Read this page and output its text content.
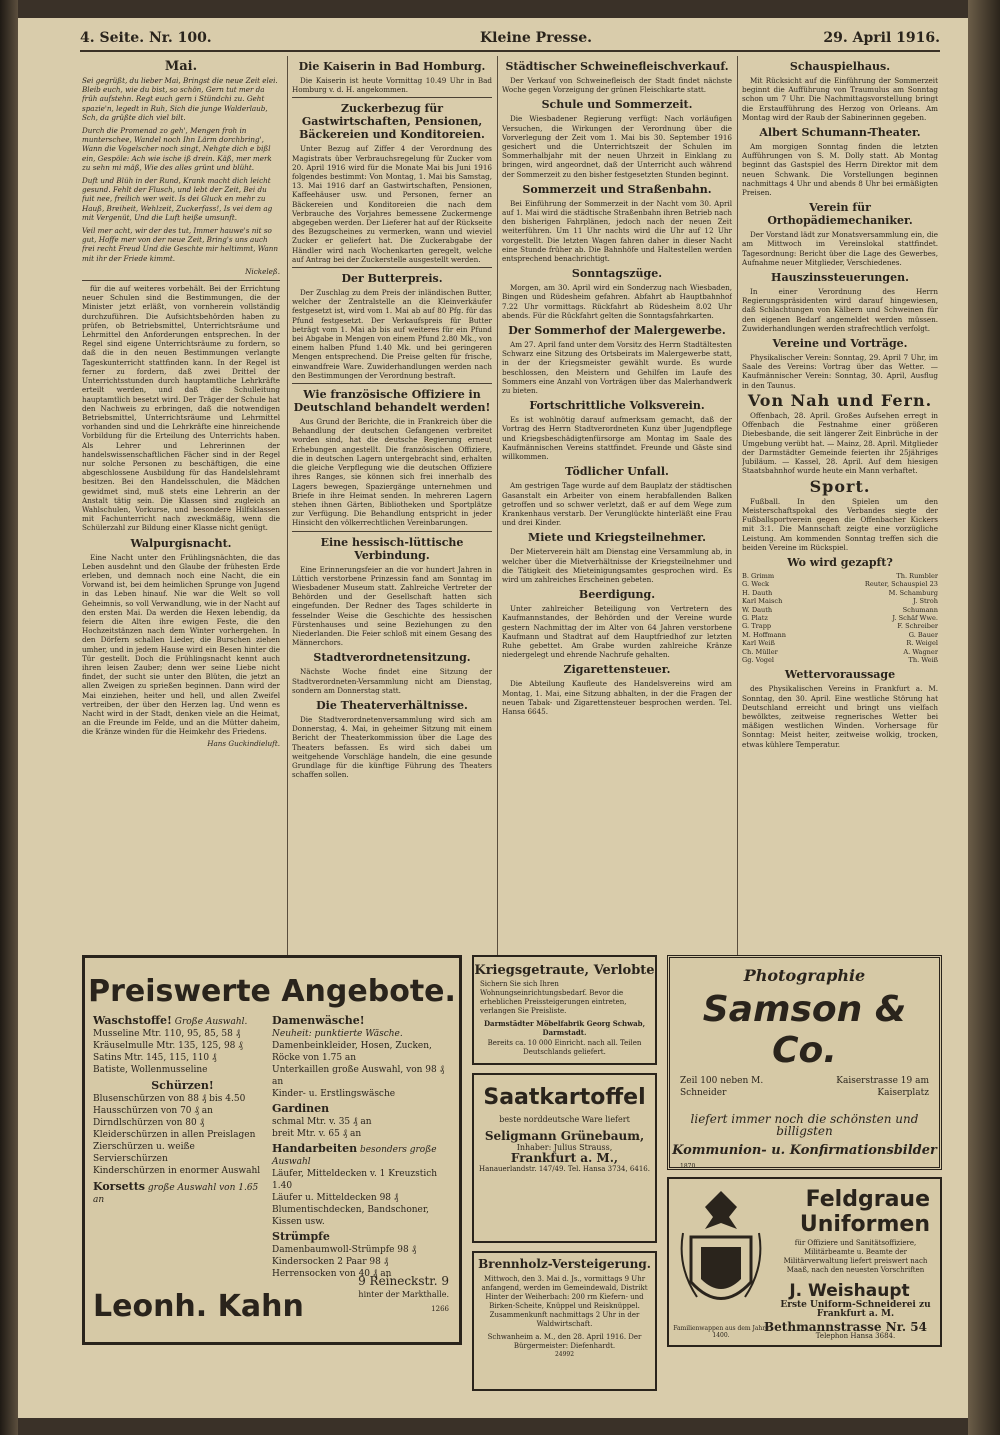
4. Seite. Nr. 100.	Kleine Presse.	29. April 1916.
Mai.

Sei gegrüßt, du lieber Mai, Bringst die neue Zeit elei. Bleib euch, wie du bist, so schön, Gern tut mer da früh aufstehn. Regt euch gern i Stündchi zu. Geht spazie'n, legedt in Ruh, Sich die junge Walderlaub, Sch, da grüßte dich viel bilt.

Durch die Promenad zo geh', Mengen froh in munterschee, Wandel noch Ihn Lärm dorchbring', Wann die Vogelscher noch singt, Nehgte dich e bißl ein, Gespöle: Ach wie ische iß drein. Käß, mer merk zu sehn mi mäß, Wie des alles grünt und blüht.

Duft und Blüh in der Rund, Krank macht dich leicht gesund. Fehlt der Flusch, und lebt der Zeit, Bei du fuit nee, freilich wer weit. Is dei Gluck en mehr zu Hauß, Breiheit, Wehlzeit, Zuckerfass!, Is vei dem ag mit Vergenüt, Und die Luft heiße umsunft.

Veil mer acht, wir der des tut, Immer hauwe's nit so gut, Hoffe mer von der neue Zeit, Bring's uns auch frei recht Freud Und die Geschte mir heltimmt, Wann mit ihr der Friede kimmt.

Nickeleß.

für die auf weiteres vorbehält. Bei der Errichtung neuer Schulen sind die Bestimmungen, die der Minister jetzt erläßt, von vornherein vollständig durchzuführen. Die Aufsichtsbehörden haben zu prüfen, ob Betriebsmittel, Unterrichtsräume und Lehrmittel den Anforderungen entsprechen. In der Regel sind eigene Unterrichtsräume zu fordern, so daß die in den neuen Bestimmungen verlangte Tageskunterricht stattfinden kann. In der Regel ist ferner zu fordern, daß zwei Drittel der Unterrichtsstunden durch hauptamtliche Lehrkräfte erteilt werden, und daß die Schulleitung hauptamtlich besetzt wird. Der Träger der Schule hat den Nachweis zu erbringen, daß die notwendigen Betriebsmittel, Unterrichtsräume und Lehrmittel vorhanden sind und die Lehrkräfte eine hinreichende Vorbildung für die Erteilung des Unterrichts haben. Als Lehrer und Lehrerinnen der handelswissenschaftlichen Fächer sind in der Regel nur solche Personen zu beschäftigen, die eine abgeschlossene Ausbildung für das Handelslehramt besitzen. Bei den Handelsschulen, die Mädchen gewidmet sind, muß stets eine Lehrerin an der Anstalt tätig sein. Die Klassen sind zugleich an Wahlschulen, Vorkurse, und besondere Hilfsklassen mit Fachunterricht nach zweckmäßig, wenn die Schülerzahl zur Bildung einer Klasse nicht genügt.

Walpurgisnacht.

Eine Nacht unter den Frühlingsnächten, die das Leben ausdehnt und den Glaube der frühesten Erde erleben, und demnach noch eine Nacht, die ein Vorwand ist, bei dem heimlichen Sprunge von Jugend in das Leben hinauf. Nie war die Welt so voll Geheimnis, so voll Verwandlung, wie in der Nacht auf den ersten Mai. Da werden die Hexen lebendig, da feiern die Alten ihre ewigen Feste, die den Hochzeitstänzen nach dem Winter vorhergehen. In den Dörfern schallen Lieder, die Burschen ziehen umher, und in jedem Hause wird ein Besen hinter die Tür gestellt. Doch die Frühlingsnacht kennt auch ihren leisen Zauber; denn wer seine Liebe nicht findet, der sucht sie unter den Blüten, die jetzt an allen Zweigen zu sprießen beginnen. Dann wird der Mai einziehen, heiter und hell, und allen Zweifel vertreiben, der über den Herzen lag. Und wenn es Nacht wird in der Stadt, denken viele an die Heimat, an die Freunde im Felde, und an die Mütter daheim, die Kränze winden für die Heimkehr des Friedens.

Hans Guckindieluft.
Die Kaiserin in Bad Homburg.

Die Kaiserin ist heute Vormittag 10.49 Uhr in Bad Homburg v. d. H. angekommen.

Zuckerbezug für Gastwirtschaften, Pensionen, Bäckereien und Konditoreien.

Unter Bezug auf Ziffer 4 der Verordnung des Magistrats über Verbrauchsregelung für Zucker vom 20. April 1916 wird für die Monate Mai bis Juni 1916 folgendes bestimmt: Von Montag, 1. Mai bis Samstag, 13. Mai 1916 darf an Gastwirtschaften, Pensionen, Kaffeehäuser usw. und Personen, ferner an Bäckereien und Konditoreien die nach dem Verbrauche des Vorjahres bemessene Zuckermenge abgegeben werden. Der Lieferer hat auf der Rückseite des Bezugscheines zu vermerken, wann und wieviel Zucker er geliefert hat. Die Zuckerabgabe der Händler wird nach Wochenkarten geregelt, welche auf Antrag bei der Zuckerstelle ausgestellt werden.

Der Butterpreis.

Der Zuschlag zu dem Preis der inländischen Butter, welcher der Zentralstelle an die Kleinverkäufer festgesetzt ist, wird vom 1. Mai ab auf 80 Pfg. für das Pfund festgesetzt. Der Verkaufspreis für Butter beträgt vom 1. Mai ab bis auf weiteres für ein Pfund bei Abgabe in Mengen von einem Pfund 2.80 Mk., von einem halben Pfund 1.40 Mk. und bei geringeren Mengen entsprechend. Die Preise gelten für frische, einwandfreie Ware. Zuwiderhandlungen werden nach den Bestimmungen der Verordnung bestraft.

Wie französische Offiziere in Deutschland behandelt werden!

Aus Grund der Berichte, die in Frankreich über die Behandlung der deutschen Gefangenen verbreitet worden sind, hat die deutsche Regierung erneut Erhebungen angestellt. Die französischen Offiziere, die in deutschen Lagern untergebracht sind, erhalten die gleiche Verpflegung wie die deutschen Offiziere ihres Ranges, sie können sich frei innerhalb des Lagers bewegen, Spaziergänge unternehmen und Briefe in ihre Heimat senden. In mehreren Lagern stehen ihnen Gärten, Bibliotheken und Sportplätze zur Verfügung. Die Behandlung entspricht in jeder Hinsicht den völkerrechtlichen Vereinbarungen.

Eine hessisch-lüttische Verbindung.

Eine Erinnerungsfeier an die vor hundert Jahren in Lüttich verstorbene Prinzessin fand am Sonntag im Wiesbadener Museum statt. Zahlreiche Vertreter der Behörden und der Gesellschaft hatten sich eingefunden. Der Redner des Tages schilderte in fesselnder Weise die Geschichte des hessischen Fürstenhauses und seine Beziehungen zu den Niederlanden. Die Feier schloß mit einem Gesang des Männerchors.

Stadtverordnetensitzung.

Nächste Woche findet eine Sitzung der Stadtverordneten-Versammlung nicht am Dienstag, sondern am Donnerstag statt.

Die Theaterverhältnisse.

Die Stadtverordnetenversammlung wird sich am Donnerstag, 4. Mai, in geheimer Sitzung mit einem Bericht der Theaterkommission über die Lage des Theaters befassen. Es wird sich dabei um weitgehende Vorschläge handeln, die eine gesunde Grundlage für die künftige Führung des Theaters schaffen sollen.

Städtischer Schweinefleischverkauf.

Der Verkauf von Schweinefleisch der Stadt findet nächste Woche gegen Vorzeigung der grünen Fleischkarte statt.

Schule und Sommerzeit.

Die Wiesbadener Regierung verfügt: Nach vorläufigen Versuchen, die Wirkungen der Verordnung über die Vorverlegung der Zeit vom 1. Mai bis 30. September 1916 gesichert und die Unterrichtszeit der Schulen im Sommerhalbjahr mit der neuen Uhrzeit in Einklang zu bringen, wird angeordnet, daß der Unterricht auch während der Sommerzeit zu den bisher festgesetzten Stunden beginnt.

Sommerzeit und Straßenbahn.

Bei Einführung der Sommerzeit in der Nacht vom 30. April auf 1. Mai wird die städtische Straßenbahn ihren Betrieb nach den bisherigen Fahrplänen, jedoch nach der neuen Zeit weiterführen. Um 11 Uhr nachts wird die Uhr auf 12 Uhr vorgestellt. Die letzten Wagen fahren daher in dieser Nacht eine Stunde früher ab. Die Bahnhöfe und Haltestellen werden entsprechend benachrichtigt.

Sonntagszüge.

Morgen, am 30. April wird ein Sonderzug nach Wiesbaden, Bingen und Rüdesheim gefahren. Abfahrt ab Hauptbahnhof 7.22 Uhr vormittags. Rückfahrt ab Rüdesheim 8.02 Uhr abends. Für die Rückfahrt gelten die Sonntagsfahrkarten.

Der Sommerhof der Malergewerbe.

Am 27. April fand unter dem Vorsitz des Herrn Stadtältesten Schwarz eine Sitzung des Ortsbeirats im Malergewerbe statt, in der der Kriegsmeister gewählt wurde. Es wurde beschlossen, den Meistern und Gehilfen im Laufe des Sommers eine Anzahl von Vorträgen über das Malerhandwerk zu bieten.

Fortschrittliche Volksverein.

Es ist wohlnötig darauf aufmerksam gemacht, daß der Vortrag des Herrn Stadtverordneten Kunz über Jugendpflege und Kriegsbeschädigtenfürsorge am Montag im Saale des Kaufmännischen Vereins stattfindet. Freunde und Gäste sind willkommen.

Tödlicher Unfall.

Am gestrigen Tage wurde auf dem Bauplatz der städtischen Gasanstalt ein Arbeiter von einem herabfallenden Balken getroffen und so schwer verletzt, daß er auf dem Wege zum Krankenhaus verstarb. Der Verunglückte hinterläßt eine Frau und drei Kinder.

Miete und Kriegsteilnehmer.

Der Mieterverein hält am Dienstag eine Versammlung ab, in welcher über die Mietverhältnisse der Kriegsteilnehmer und die Tätigkeit des Mieteinigungsamtes gesprochen wird. Es wird um zahlreiches Erscheinen gebeten.

Beerdigung.

Unter zahlreicher Beteiligung von Vertretern des Kaufmannstandes, der Behörden und der Vereine wurde gestern Nachmittag der im Alter von 64 Jahren verstorbene Kaufmann und Stadtrat auf dem Hauptfriedhof zur letzten Ruhe gebettet. Am Grabe wurden zahlreiche Kränze niedergelegt und ehrende Nachrufe gehalten.

Zigarettensteuer.

Die Abteilung Kaufleute des Handelsvereins wird am Montag, 1. Mai, eine Sitzung abhalten, in der die Fragen der neuen Tabak- und Zigarettensteuer besprochen werden. Tel. Hansa 6645.

Schauspielhaus.

Mit Rücksicht auf die Einführung der Sommerzeit beginnt die Aufführung von Traumulus am Sonntag schon um 7 Uhr. Die Nachmittagsvorstellung bringt die Erstaufführung des Herzog von Orleans. Am Montag wird der Raub der Sabinerinnen gegeben.

Albert Schumann-Theater.

Am morgigen Sonntag finden die letzten Aufführungen von S. M. Dolly statt. Ab Montag beginnt das Gastspiel des Herrn Direktor mit dem neuen Schwank. Die Vorstellungen beginnen nachmittags 4 Uhr und abends 8 Uhr bei ermäßigten Preisen.

Verein für Orthopädiemechaniker.

Der Vorstand lädt zur Monatsversammlung ein, die am Mittwoch im Vereinslokal stattfindet. Tagesordnung: Bericht über die Lage des Gewerbes, Aufnahme neuer Mitglieder, Verschiedenes.

Hauszinssteuerungen.

In einer Verordnung des Herrn Regierungspräsidenten wird darauf hingewiesen, daß Schlachtungen von Kälbern und Schweinen für den eigenen Bedarf angemeldet werden müssen. Zuwiderhandlungen werden strafrechtlich verfolgt.

Vereine und Vorträge.

Physikalischer Verein: Sonntag, 29. April 7 Uhr, im Saale des Vereins: Vortrag über das Wetter. — Kaufmännischer Verein: Sonntag, 30. April, Ausflug in den Taunus.

Von Nah und Fern.

Offenbach, 28. April. Großes Aufsehen erregt in Offenbach die Festnahme einer größeren Diebesbande, die seit längerer Zeit Einbrüche in der Umgebung verübt hat. — Mainz, 28. April. Mitglieder der Darmstädter Gemeinde feierten ihr 25jähriges Jubiläum. — Kassel, 28. April. Auf dem hiesigen Staatsbahnhof wurde heute ein Mann verhaftet.

Sport.

Fußball. In den Spielen um den Meisterschaftspokal des Verbandes siegte der Fußballsportverein gegen die Offenbacher Kickers mit 3:1. Die Mannschaft zeigte eine vorzügliche Leistung. Am kommenden Sonntag treffen sich die beiden Vereine im Rückspiel.

Wo wird gezapft?
B. Grimm	Th. Rumbler
G. Weck	Reuter, Schauspiel 23
H. Dauth	M. Schamburg
Karl Maisch	J. Stroh
W. Dauth	Schumann
G. Platz	J. Schäf Wwe.
G. Trapp	F. Schreiber
M. Hoffmann	G. Bauer
Karl Weiß	R. Weigel
Ch. Müller	A. Wagner
Gg. Vogel	Th. Weiß
Wettervoraussage

des Physikalischen Vereins in Frankfurt a. M. Sonntag, den 30. April. Eine westliche Störung hat Deutschland erreicht und bringt uns vielfach bewölktes, zeitweise regnerisches Wetter bei mäßigen westlichen Winden. Vorhersage für Sonntag: Meist heiter, zeitweise wolkig, trocken, etwas kühlere Temperatur.

Preiswerte Angebote.
Waschstoffe! Große Auswahl.
Musseline Mtr. 110, 95, 85, 58 ₰
Kräuselmulle Mtr. 135, 125, 98 ₰
Satins Mtr. 145, 115, 110 ₰
Batiste, Wollenmusseline
Schürzen!
Blusenschürzen von 88 ₰ bis 4.50
Hausschürzen von 70 ₰ an
Dirndlschürzen von 80 ₰
Kleiderschürzen in allen Preislagen
Zierschürzen u. weiße Servierschürzen
Kinderschürzen in enormer Auswahl
Korsetts große Auswahl von 1.65 an
Damenwäsche!
Neuheit: punktierte Wäsche.
Damenbeinkleider, Hosen, Zucken, Röcke von 1.75 an
Unterkaillen große Auswahl, von 98 ₰ an
Kinder- u. Erstlingswäsche
Gardinen
schmal Mtr. v. 35 ₰ an
breit Mtr. v. 65 ₰ an
Handarbeiten besonders große Auswahl
Läufer, Mitteldecken v. 1 Kreuzstich 1.40
Läufer u. Mitteldecken 98 ₰
Blumentischdecken, Bandschoner, Kissen usw.
Strümpfe
Damenbaumwoll-Strümpfe 98 ₰
Kindersocken 2 Paar 98 ₰
Herrensocken von 40 ₰ an
Leonh. Kahn
9 Reineckstr. 9
hinter der Markthalle.
1266
Kriegsgetraute, Verlobte
Sichern Sie sich Ihren Wohnungseinrichtungsbedarf. Bevor die erheblichen Preissteigerungen eintreten, verlangen Sie Preisliste.
Darmstädter Möbelfabrik Georg Schwab, Darmstadt.
Bereits ca. 10 000 Einricht. nach all. Teilen Deutschlands geliefert.
Saatkartoffel
beste norddeutsche Ware liefert
Seligmann Grünebaum,
Inhaber: Julius Strauss,
Frankfurt a. M.,
Hanauerlandstr. 147/49. Tel. Hansa 3734, 6416.
Brennholz-Versteigerung.
Mittwoch, den 3. Mai d. Js., vormittags 9 Uhr anfangend, werden im Gemeindewald, Distrikt Hinter der Weiherbach: 200 rm Kiefern- und Birken-Scheite, Knüppel und Reisknüppel. Zusammenkunft nachmittags 2 Uhr in der Waldwirtschaft.
Schwanheim a. M., den 28. April 1916. Der Bürgermeister: Diefenhardt.
24992
Photographie
Samson & Co.
Zeil 100 neben M. Schneider
Kaiserstrasse 19 am Kaiserplatz
liefert immer noch die schönsten und billigsten
Kommunion- u. Konfirmationsbilder
1870
Feldgraue Uniformen
für Offiziere und Sanitätsoffiziere, Militärbeamte u. Beamte der Militärverwaltung liefert preiswert nach Maaß, nach den neuesten Vorschriften
J. Weishaupt
Erste Uniform-Schneiderei zu Frankfurt a. M.
Bethmannstrasse Nr. 54
Telephon Hansa 3684.
Familienwappen aus dem Jahre 1400.
